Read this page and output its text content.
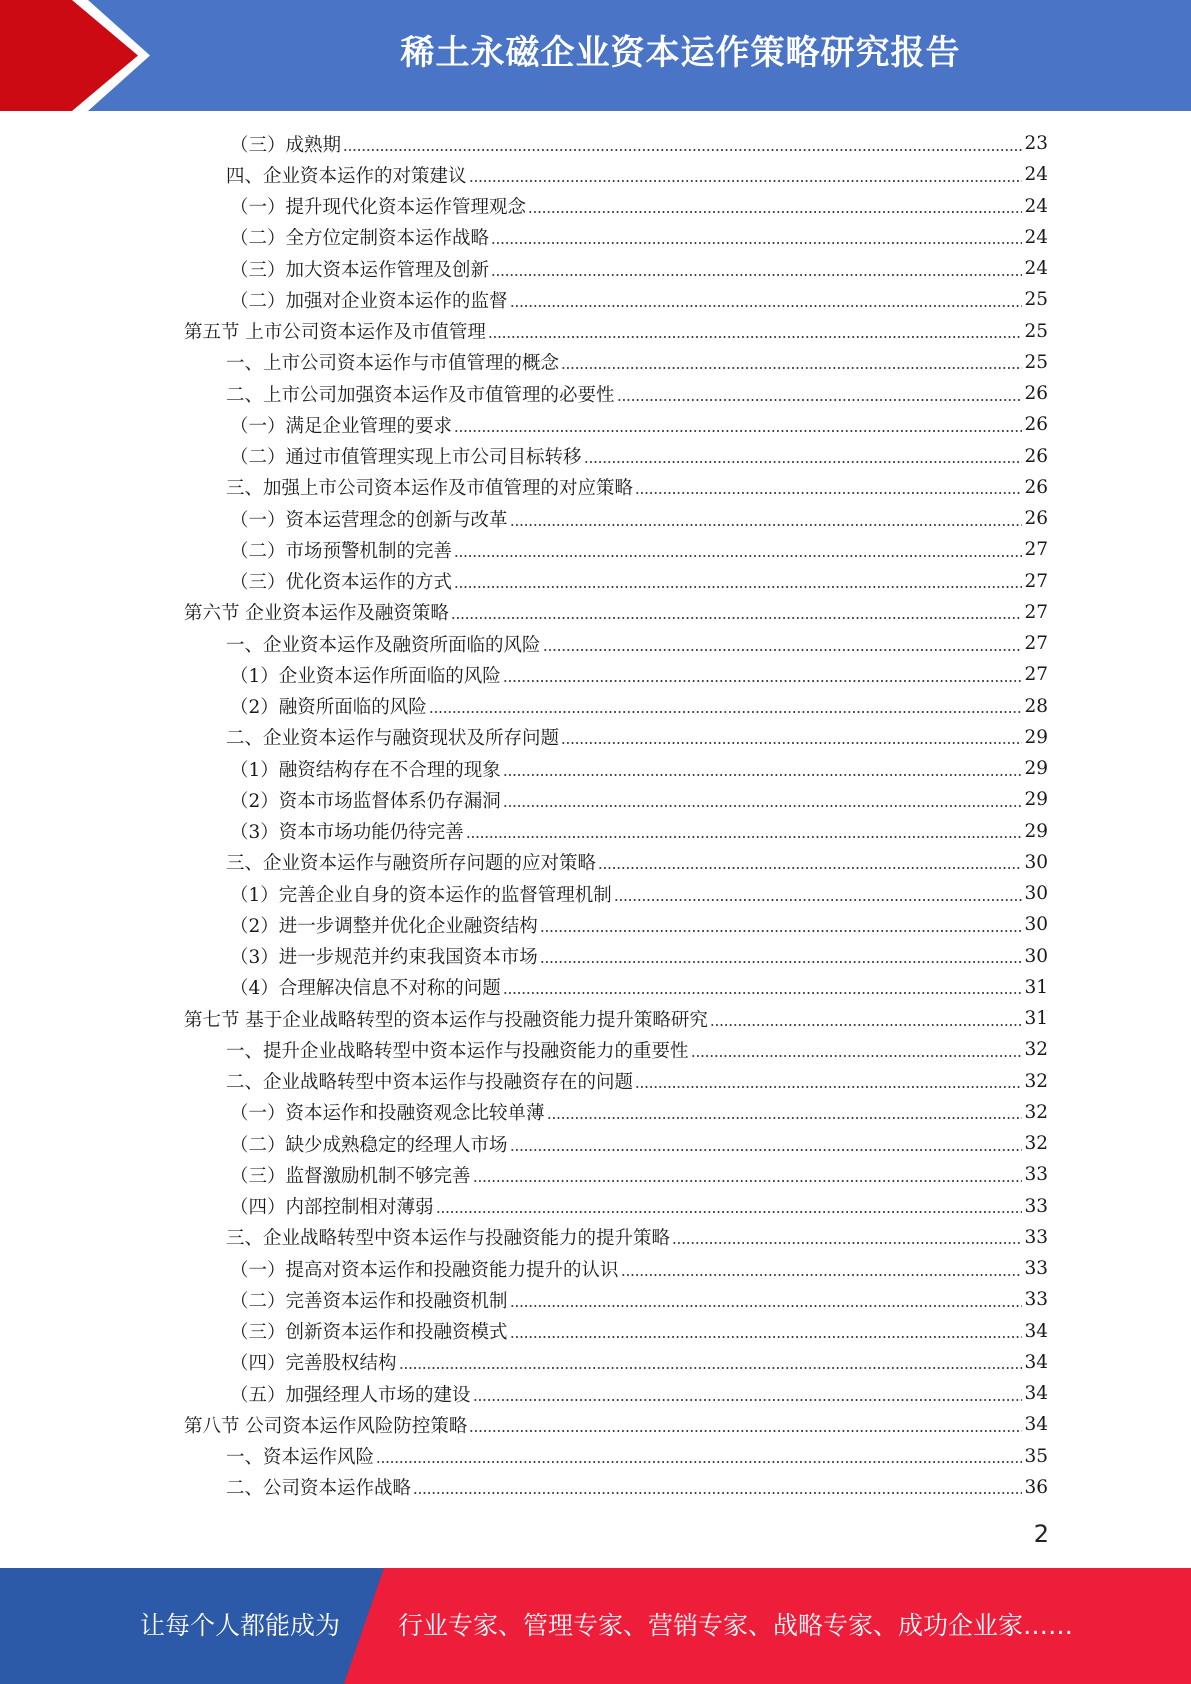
稀土永磁企业资本运作策略研究报告
（三）成熟期	23
四、企业资本运作的对策建议	24
（一）提升现代化资本运作管理观念	24
（二）全方位定制资本运作战略	24
（三）加大资本运作管理及创新	24
（二）加强对企业资本运作的监督	25
第五节 上市公司资本运作及市值管理	25
一、上市公司资本运作与市值管理的概念	25
二、上市公司加强资本运作及市值管理的必要性	26
（一）满足企业管理的要求	26
（二）通过市值管理实现上市公司目标转移	26
三、加强上市公司资本运作及市值管理的对应策略	26
（一）资本运营理念的创新与改革	26
（二）市场预警机制的完善	27
（三）优化资本运作的方式	27
第六节 企业资本运作及融资策略	27
一、企业资本运作及融资所面临的风险	27
（1）企业资本运作所面临的风险	27
（2）融资所面临的风险	28
二、企业资本运作与融资现状及所存问题	29
（1）融资结构存在不合理的现象	29
（2）资本市场监督体系仍存漏洞	29
（3）资本市场功能仍待完善	29
三、企业资本运作与融资所存问题的应对策略	30
（1）完善企业自身的资本运作的监督管理机制	30
（2）进一步调整并优化企业融资结构	30
（3）进一步规范并约束我国资本市场	30
（4）合理解决信息不对称的问题	31
第七节 基于企业战略转型的资本运作与投融资能力提升策略研究	31
一、提升企业战略转型中资本运作与投融资能力的重要性	32
二、企业战略转型中资本运作与投融资存在的问题	32
（一）资本运作和投融资观念比较单薄	32
（二）缺少成熟稳定的经理人市场	32
（三）监督激励机制不够完善	33
（四）内部控制相对薄弱	33
三、企业战略转型中资本运作与投融资能力的提升策略	33
（一）提高对资本运作和投融资能力提升的认识	33
（二）完善资本运作和投融资机制	33
（三）创新资本运作和投融资模式	34
（四）完善股权结构	34
（五）加强经理人市场的建设	34
第八节 公司资本运作风险防控策略	34
一、资本运作风险	35
二、公司资本运作战略	36
2
让每个人都能成为 行业专家、管理专家、营销专家、战略专家、成功企业家……
